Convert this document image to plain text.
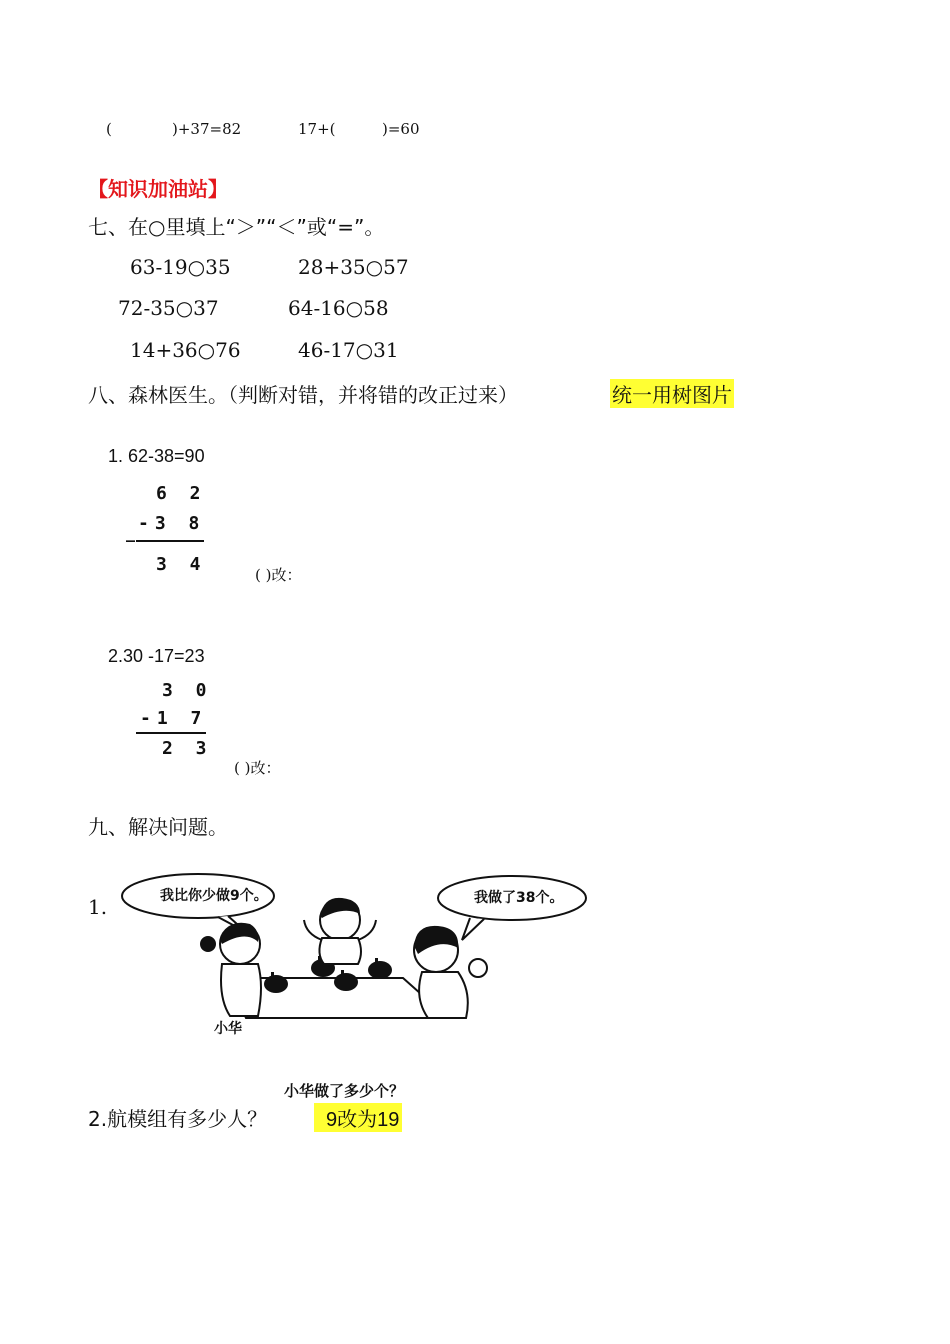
(	)+37=82	17+(	)=60
【知识加油站】
七、在○里填上“＞”“＜”或“=”。
63-19○35	28+35○57
72-35○37	64-16○58
14+36○76	46-17○31
八、森林医生。（判断对错，并将错的改正过来）	统一用树图片
1. 62-38=90
6 2
-3 8
_
3 4	( )改：
2.30 -17=23
3 0
-1 7
2 3
( )改：
九、解决问题。
1.	我比你少做9个。	我做了38个。
小华
小华做了多少个？
2.航模组有多少人？	9改为19
